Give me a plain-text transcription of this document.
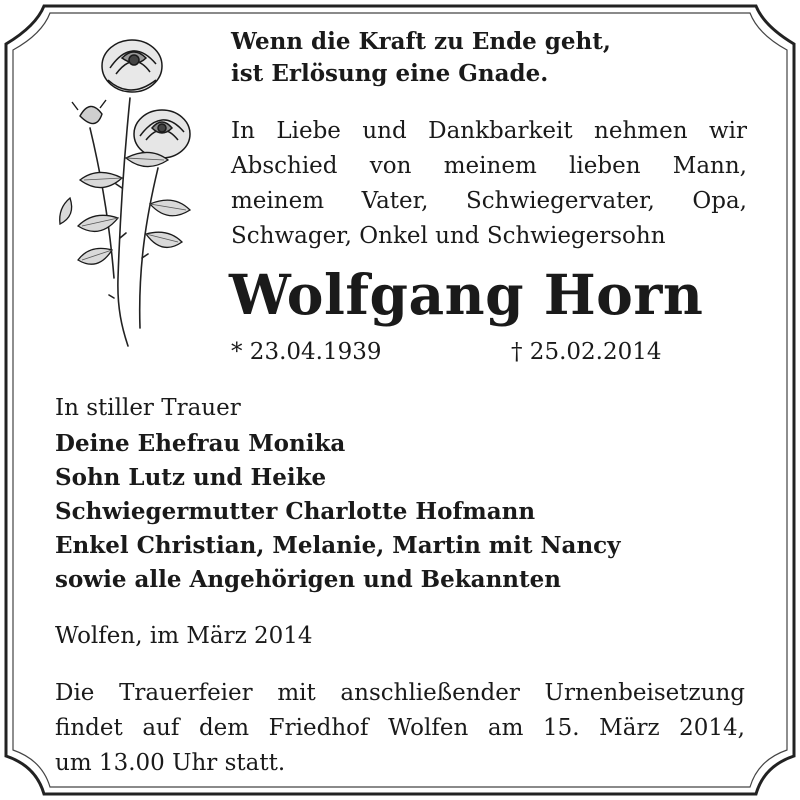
Wenn die Kraft zu Ende geht,
ist Erlösung eine Gnade.
In Liebe und Dankbarkeit nehmen wir
Abschied von meinem lieben Mann,
meinem Vater, Schwiegervater, Opa,
Schwager, Onkel und Schwiegersohn
Wolfgang Horn
* 23.04.1939	† 25.02.2014
In stiller Trauer
Deine Ehefrau Monika
Sohn Lutz und Heike
Schwiegermutter Charlotte Hofmann
Enkel Christian, Melanie, Martin mit Nancy
sowie alle Angehörigen und Bekannten
Wolfen, im März 2014
Die Trauerfeier mit anschließender Urnenbeisetzung
findet auf dem Friedhof Wolfen am 15. März 2014,
um 13.00 Uhr statt.
